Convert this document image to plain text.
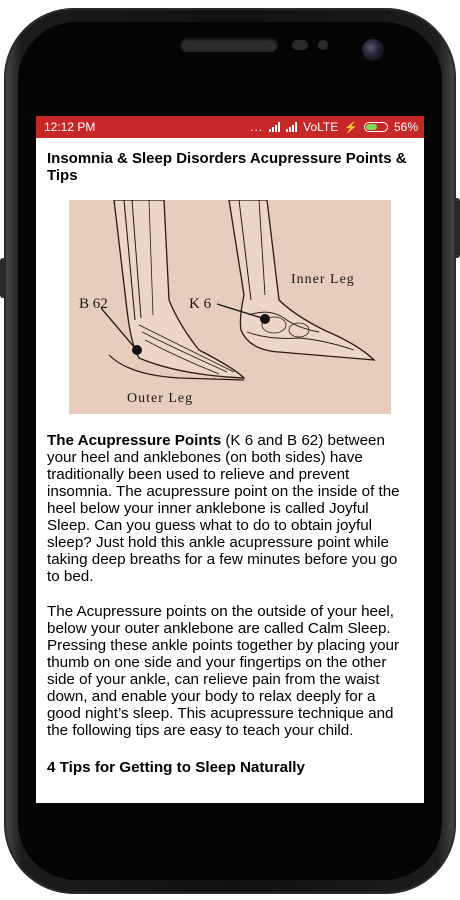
12:12 PM	...	VoLTE ⚡	56%
Insomnia & Sleep Disorders Acupressure Points & Tips
B 62
Outer Leg
K 6
Inner Leg

The Acupressure Points (K 6 and B 62) between your heel and anklebones (on both sides) have traditionally been used to relieve and prevent insomnia. The acupressure point on the inside of the heel below your inner anklebone is called Joyful Sleep. Can you guess what to do to obtain joyful sleep? Just hold this ankle acupressure point while taking deep breaths for a few minutes before you go to bed.

The Acupressure points on the outside of your heel, below your outer anklebone are called Calm Sleep. Pressing these ankle points together by placing your thumb on one side and your fingertips on the other side of your ankle, can relieve pain from the waist down, and enable your body to relax deeply for a good night’s sleep. This acupressure technique and the following tips are easy to teach your child.

4 Tips for Getting to Sleep Naturally
